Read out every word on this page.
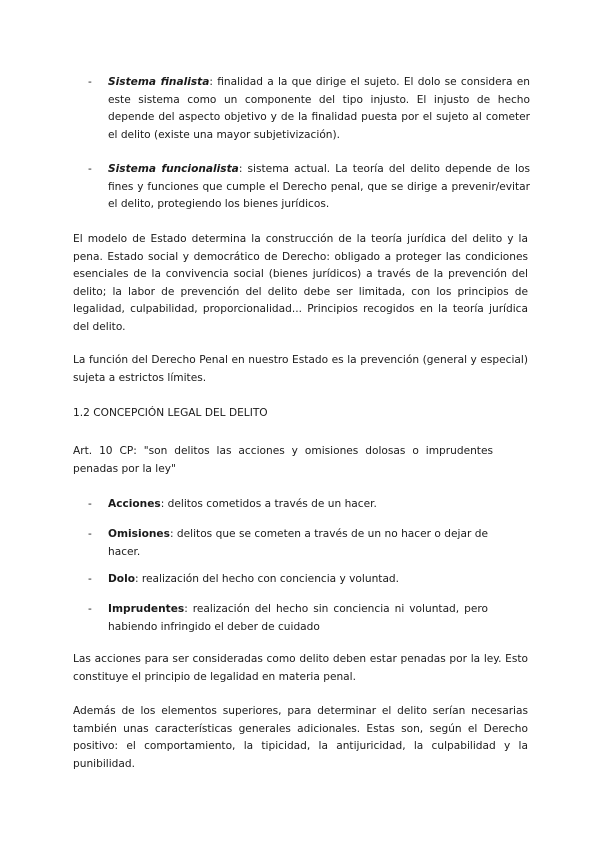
- Sistema finalista: finalidad a la que dirige el sujeto. El dolo se considera en este sistema como un componente del tipo injusto. El injusto de hecho depende del aspecto objetivo y de la finalidad puesta por el sujeto al cometer el delito (existe una mayor subjetivización).
- Sistema funcionalista: sistema actual. La teoría del delito depende de los fines y funciones que cumple el Derecho penal, que se dirige a prevenir/evitar el delito, protegiendo los bienes jurídicos.
El modelo de Estado determina la construcción de la teoría jurídica del delito y la pena. Estado social y democrático de Derecho: obligado a proteger las condiciones esenciales de la convivencia social (bienes jurídicos) a través de la prevención del delito; la labor de prevención del delito debe ser limitada, con los principios de legalidad, culpabilidad, proporcionalidad... Principios recogidos en la teoría jurídica del delito.
La función del Derecho Penal en nuestro Estado es la prevención (general y especial) sujeta a estrictos límites.
1.2 CONCEPCIÓN LEGAL DEL DELITO
Art. 10 CP: "son delitos las acciones y omisiones dolosas o imprudentes penadas por la ley"
- Acciones: delitos cometidos a través de un hacer.
- Omisiones: delitos que se cometen a través de un no hacer o dejar de hacer.
- Dolo: realización del hecho con conciencia y voluntad.
- Imprudentes: realización del hecho sin conciencia ni voluntad, pero habiendo infringido el deber de cuidado
Las acciones para ser consideradas como delito deben estar penadas por la ley. Esto constituye el principio de legalidad en materia penal.
Además de los elementos superiores, para determinar el delito serían necesarias también unas características generales adicionales. Estas son, según el Derecho positivo: el comportamiento, la tipicidad, la antijuricidad, la culpabilidad y la punibilidad.
